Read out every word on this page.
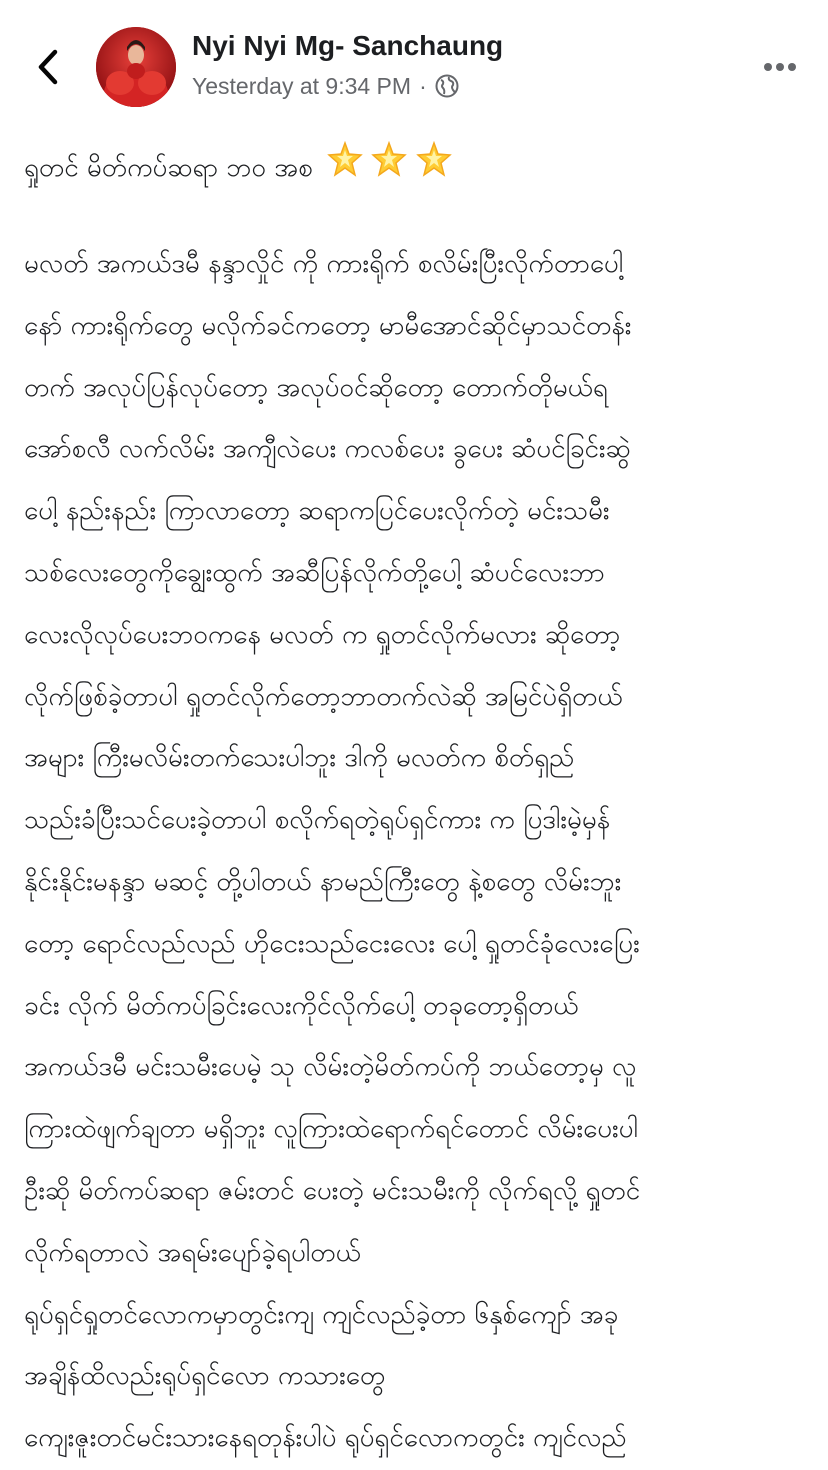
Nyi Nyi Mg- Sanchaung
Yesterday at 9:34 PM ·
ရှုတင် မိတ်ကပ်ဆရာ ဘဝ အစ
မလတ် အကယ်ဒမီ နန္ဒာလှိုင် ကို ကားရိုက် စလိမ်းပြီးလိုက်တာပေါ့
နော် ကားရိုက်တွေ မလိုက်ခင်ကတော့ မာမီအောင်ဆိုင်မှာသင်တန်း
တက် အလုပ်ပြန်လုပ်တော့ အလုပ်ဝင်ဆိုတော့ တောက်တိုမယ်ရ
အော်စလီ လက်လိမ်း အကျီလဲပေး ကလစ်ပေး ခွပေး ဆံပင်ခြင်းဆွဲ
ပေါ့ နည်းနည်း ကြာလာတော့ ဆရာကပြင်ပေးလိုက်တဲ့ မင်းသမီး
သစ်လေးတွေကိုချွေးထွက် အဆီပြန်လိုက်တို့ပေါ့ ဆံပင်လေးဘာ
လေးလိုလုပ်ပေးဘဝကနေ မလတ် က ရှုတင်လိုက်မလား ဆိုတော့
လိုက်ဖြစ်ခဲ့တာပါ ရှုတင်လိုက်တော့ဘာတက်လဲဆို အမြင်ပဲရှိတယ်
အများ ကြီးမလိမ်းတက်သေးပါဘူး ဒါကို မလတ်က စိတ်ရှည်
သည်းခံပြီးသင်ပေးခဲ့တာပါ စလိုက်ရတဲ့ရုပ်ရှင်ကား က ပြဒါးမဲ့မှန်
နိုင်းနိုင်းမနန္ဒာ မဆင့် တို့ပါတယ် နာမည်ကြီးတွေ နဲ့စတွေ လိမ်းဘူး
တော့ ရောင်လည်လည် ဟိုငေးသည်ငေးလေး ပေါ့ ရှုတင်ခုံလေးပြေး
ခင်း လိုက် မိတ်ကပ်ခြင်းလေးကိုင်လိုက်ပေါ့ တခုတော့ရှိတယ်
အကယ်ဒမီ မင်းသမီးပေမဲ့ သု လိမ်းတဲ့မိတ်ကပ်ကို ဘယ်တော့မှ လူ
ကြားထဲဖျက်ချတာ မရှိဘူး လူကြားထဲရောက်ရင်တောင် လိမ်းပေးပါ
ဦးဆို မိတ်ကပ်ဆရာ ဇမ်းတင် ပေးတဲ့ မင်းသမီးကို လိုက်ရလို့ ရှုတင်
လိုက်ရတာလဲ အရမ်းပျော်ခဲ့ရပါတယ်
ရုပ်ရှင်ရှုတင်လောကမှာတွင်းကျ ကျင်လည်ခဲ့တာ ၆နှစ်ကျော် အခု
အချိန်ထိလည်းရုပ်ရှင်လော ကသားတွေ
ကျေးဇူးတင်မင်းသားနေရတုန်းပါပဲ ရုပ်ရှင်လောကတွင်း ကျင်လည်
